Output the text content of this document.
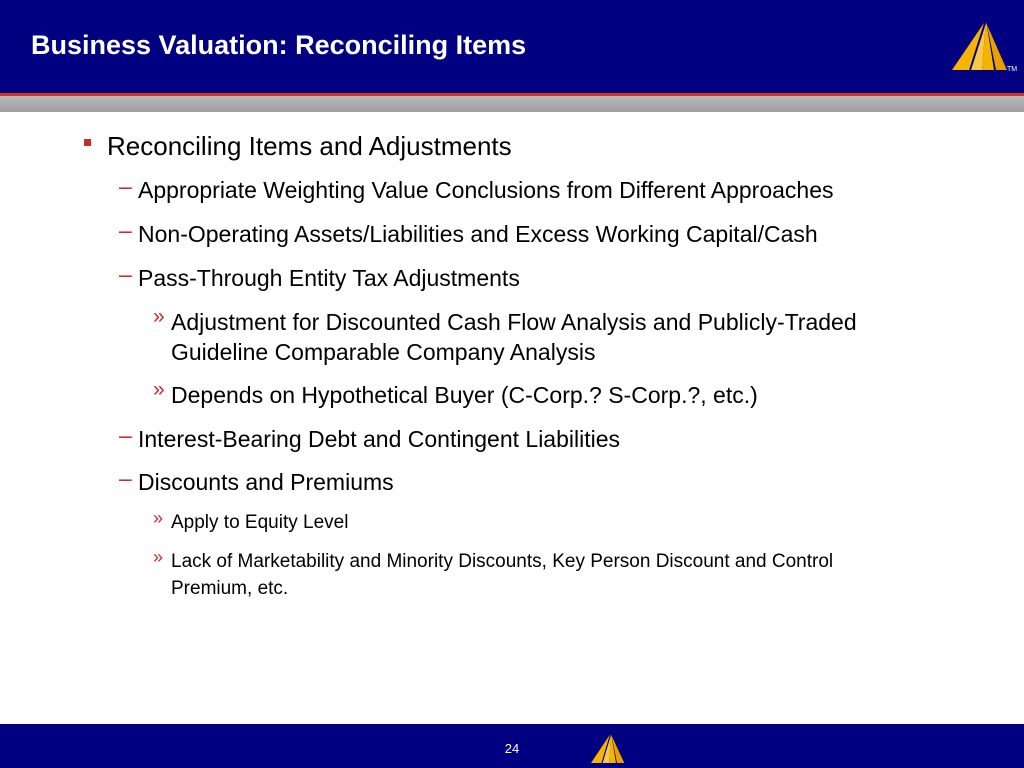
Business Valuation: Reconciling Items
TM
Reconciling Items and Adjustments
– Appropriate Weighting Value Conclusions from Different Approaches
– Non-Operating Assets/Liabilities and Excess Working Capital/Cash
– Pass-Through Entity Tax Adjustments
» Adjustment for Discounted Cash Flow Analysis and Publicly-Traded
Guideline Comparable Company Analysis
» Depends on Hypothetical Buyer (C-Corp.? S-Corp.?, etc.)
– Interest-Bearing Debt and Contingent Liabilities
– Discounts and Premiums
» Apply to Equity Level
» Lack of Marketability and Minority Discounts, Key Person Discount and Control
Premium, etc.
24
